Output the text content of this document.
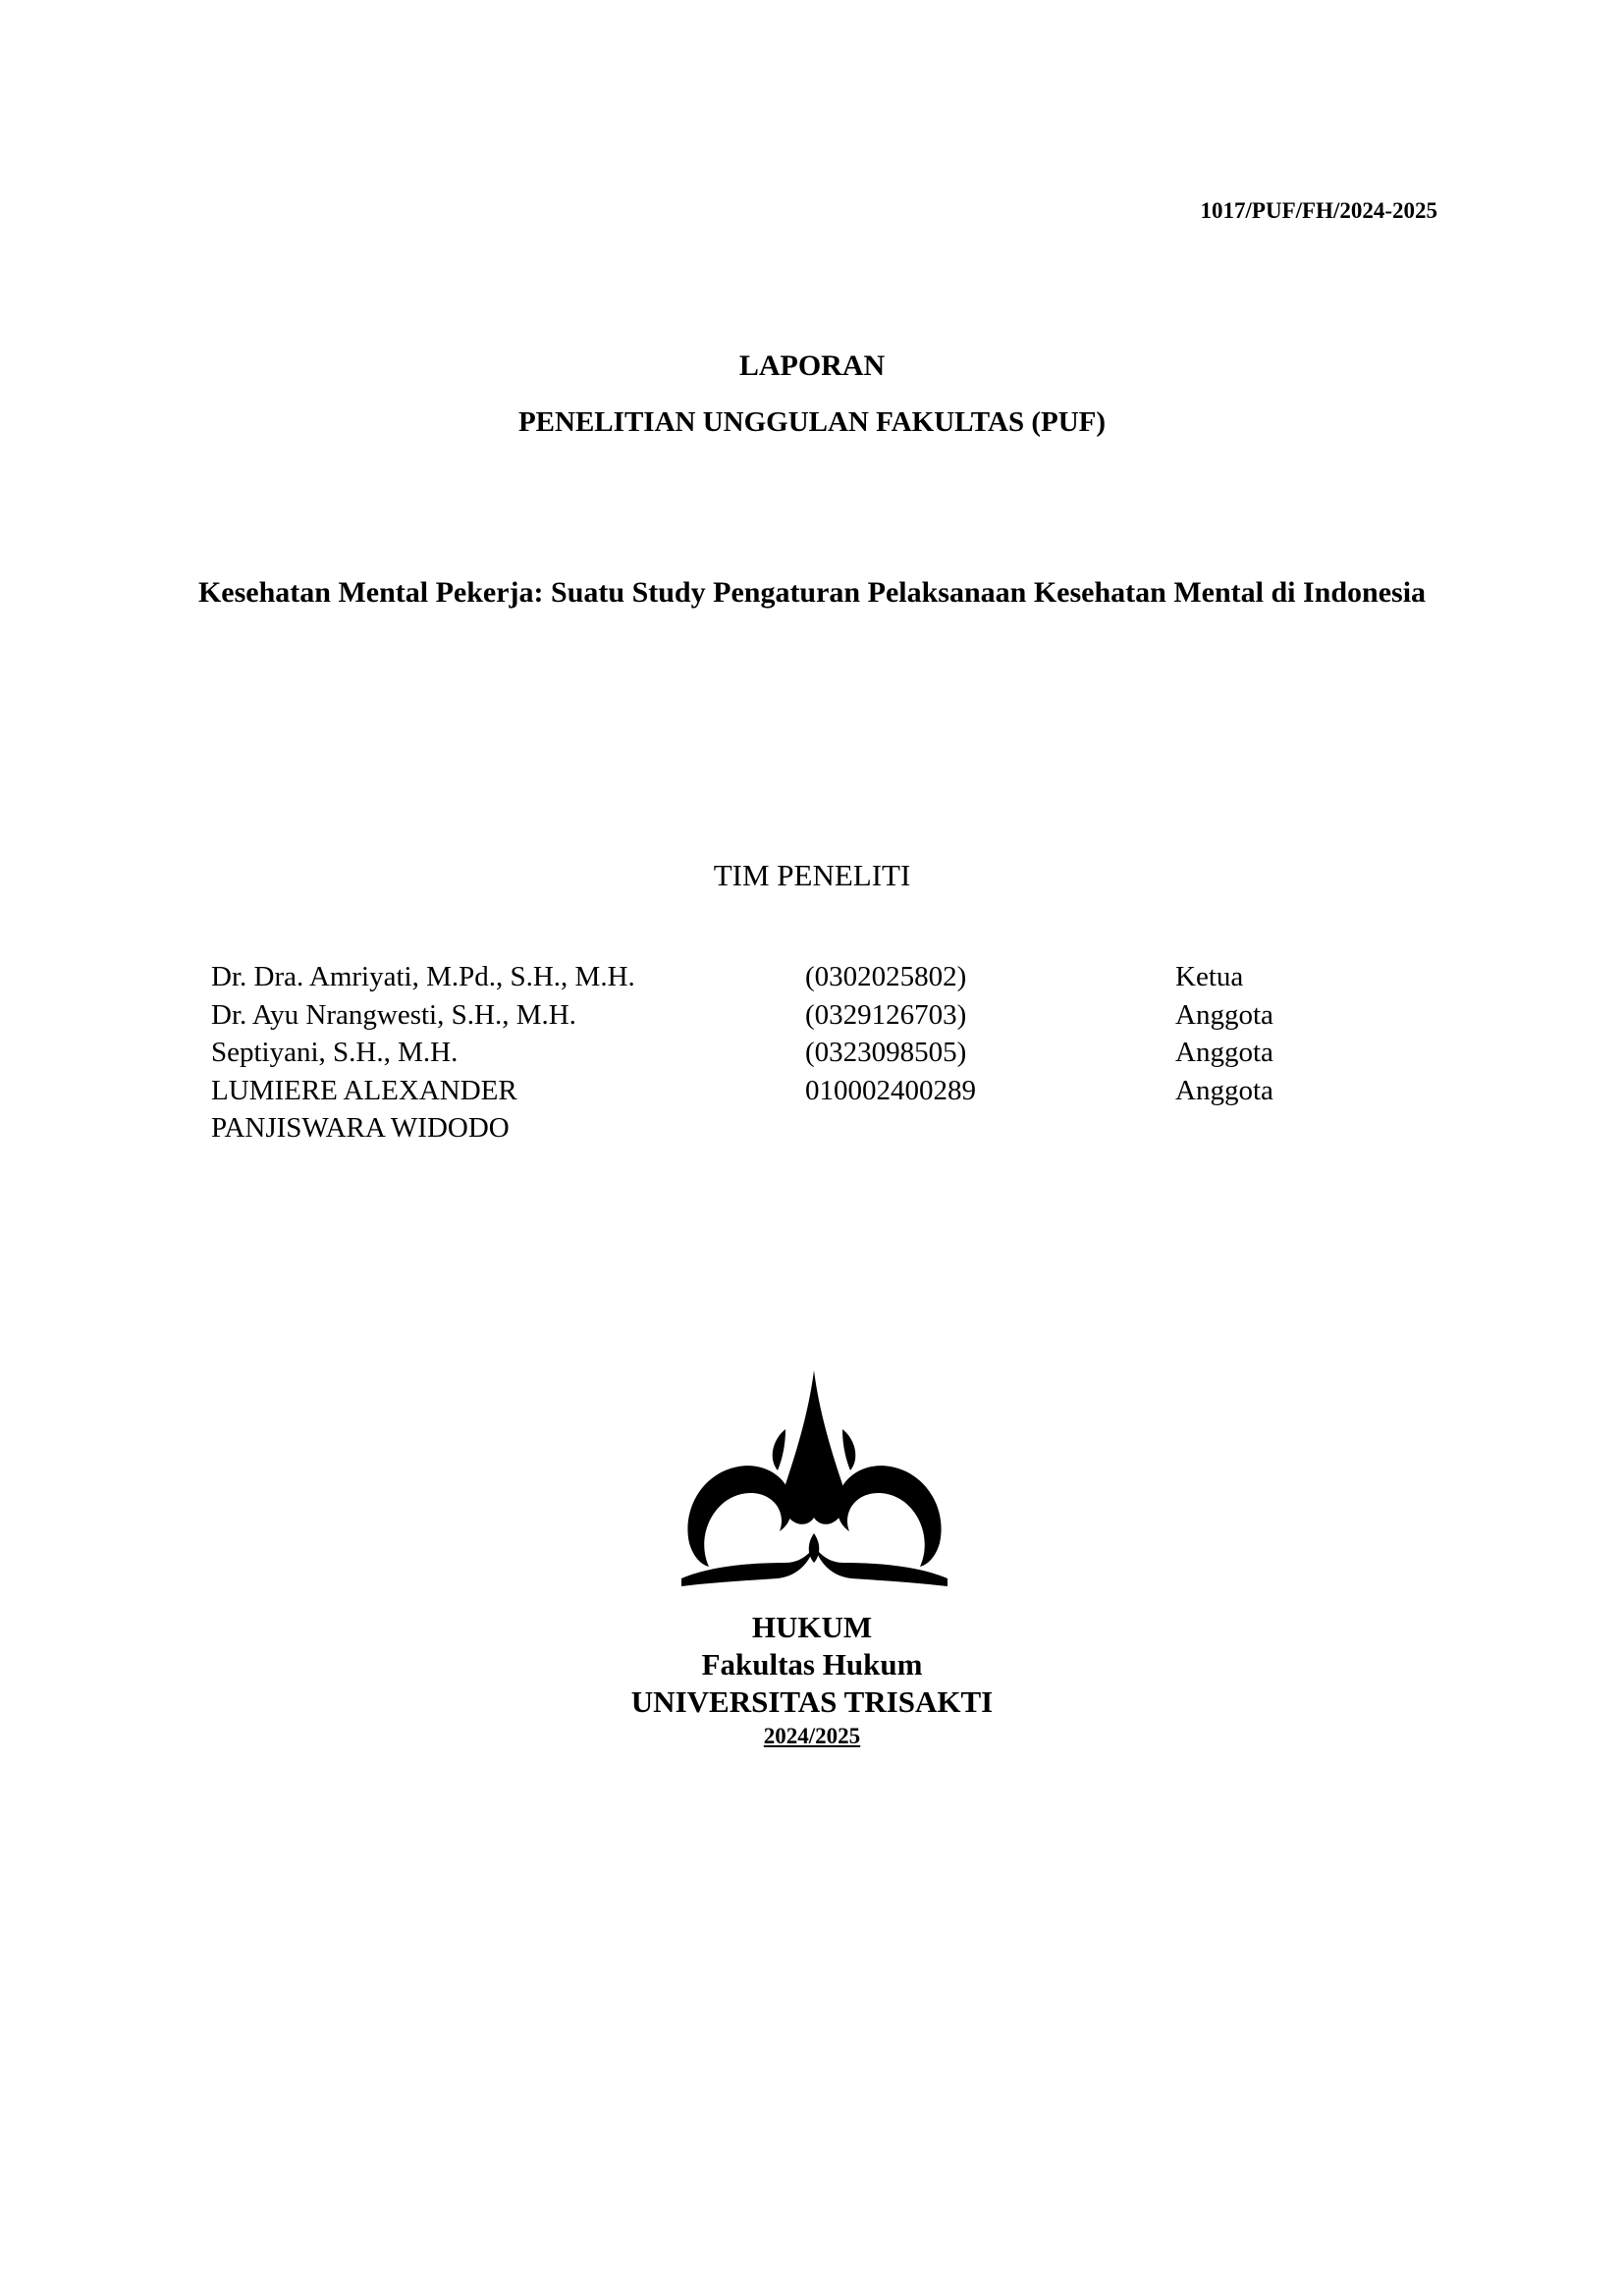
1017/PUF/FH/2024-2025
LAPORAN
PENELITIAN UNGGULAN FAKULTAS (PUF)
Kesehatan Mental Pekerja: Suatu Study Pengaturan Pelaksanaan Kesehatan Mental di Indonesia
TIM PENELITI
Dr. Dra. Amriyati, M.Pd., S.H., M.H.	(0302025802)	Ketua
Dr. Ayu Nrangwesti, S.H., M.H.	(0329126703)	Anggota
Septiyani, S.H., M.H.	(0323098505)	Anggota
LUMIERE ALEXANDER	010002400289	Anggota
PANJISWARA WIDODO
HUKUM
Fakultas Hukum
UNIVERSITAS TRISAKTI
2024/2025
